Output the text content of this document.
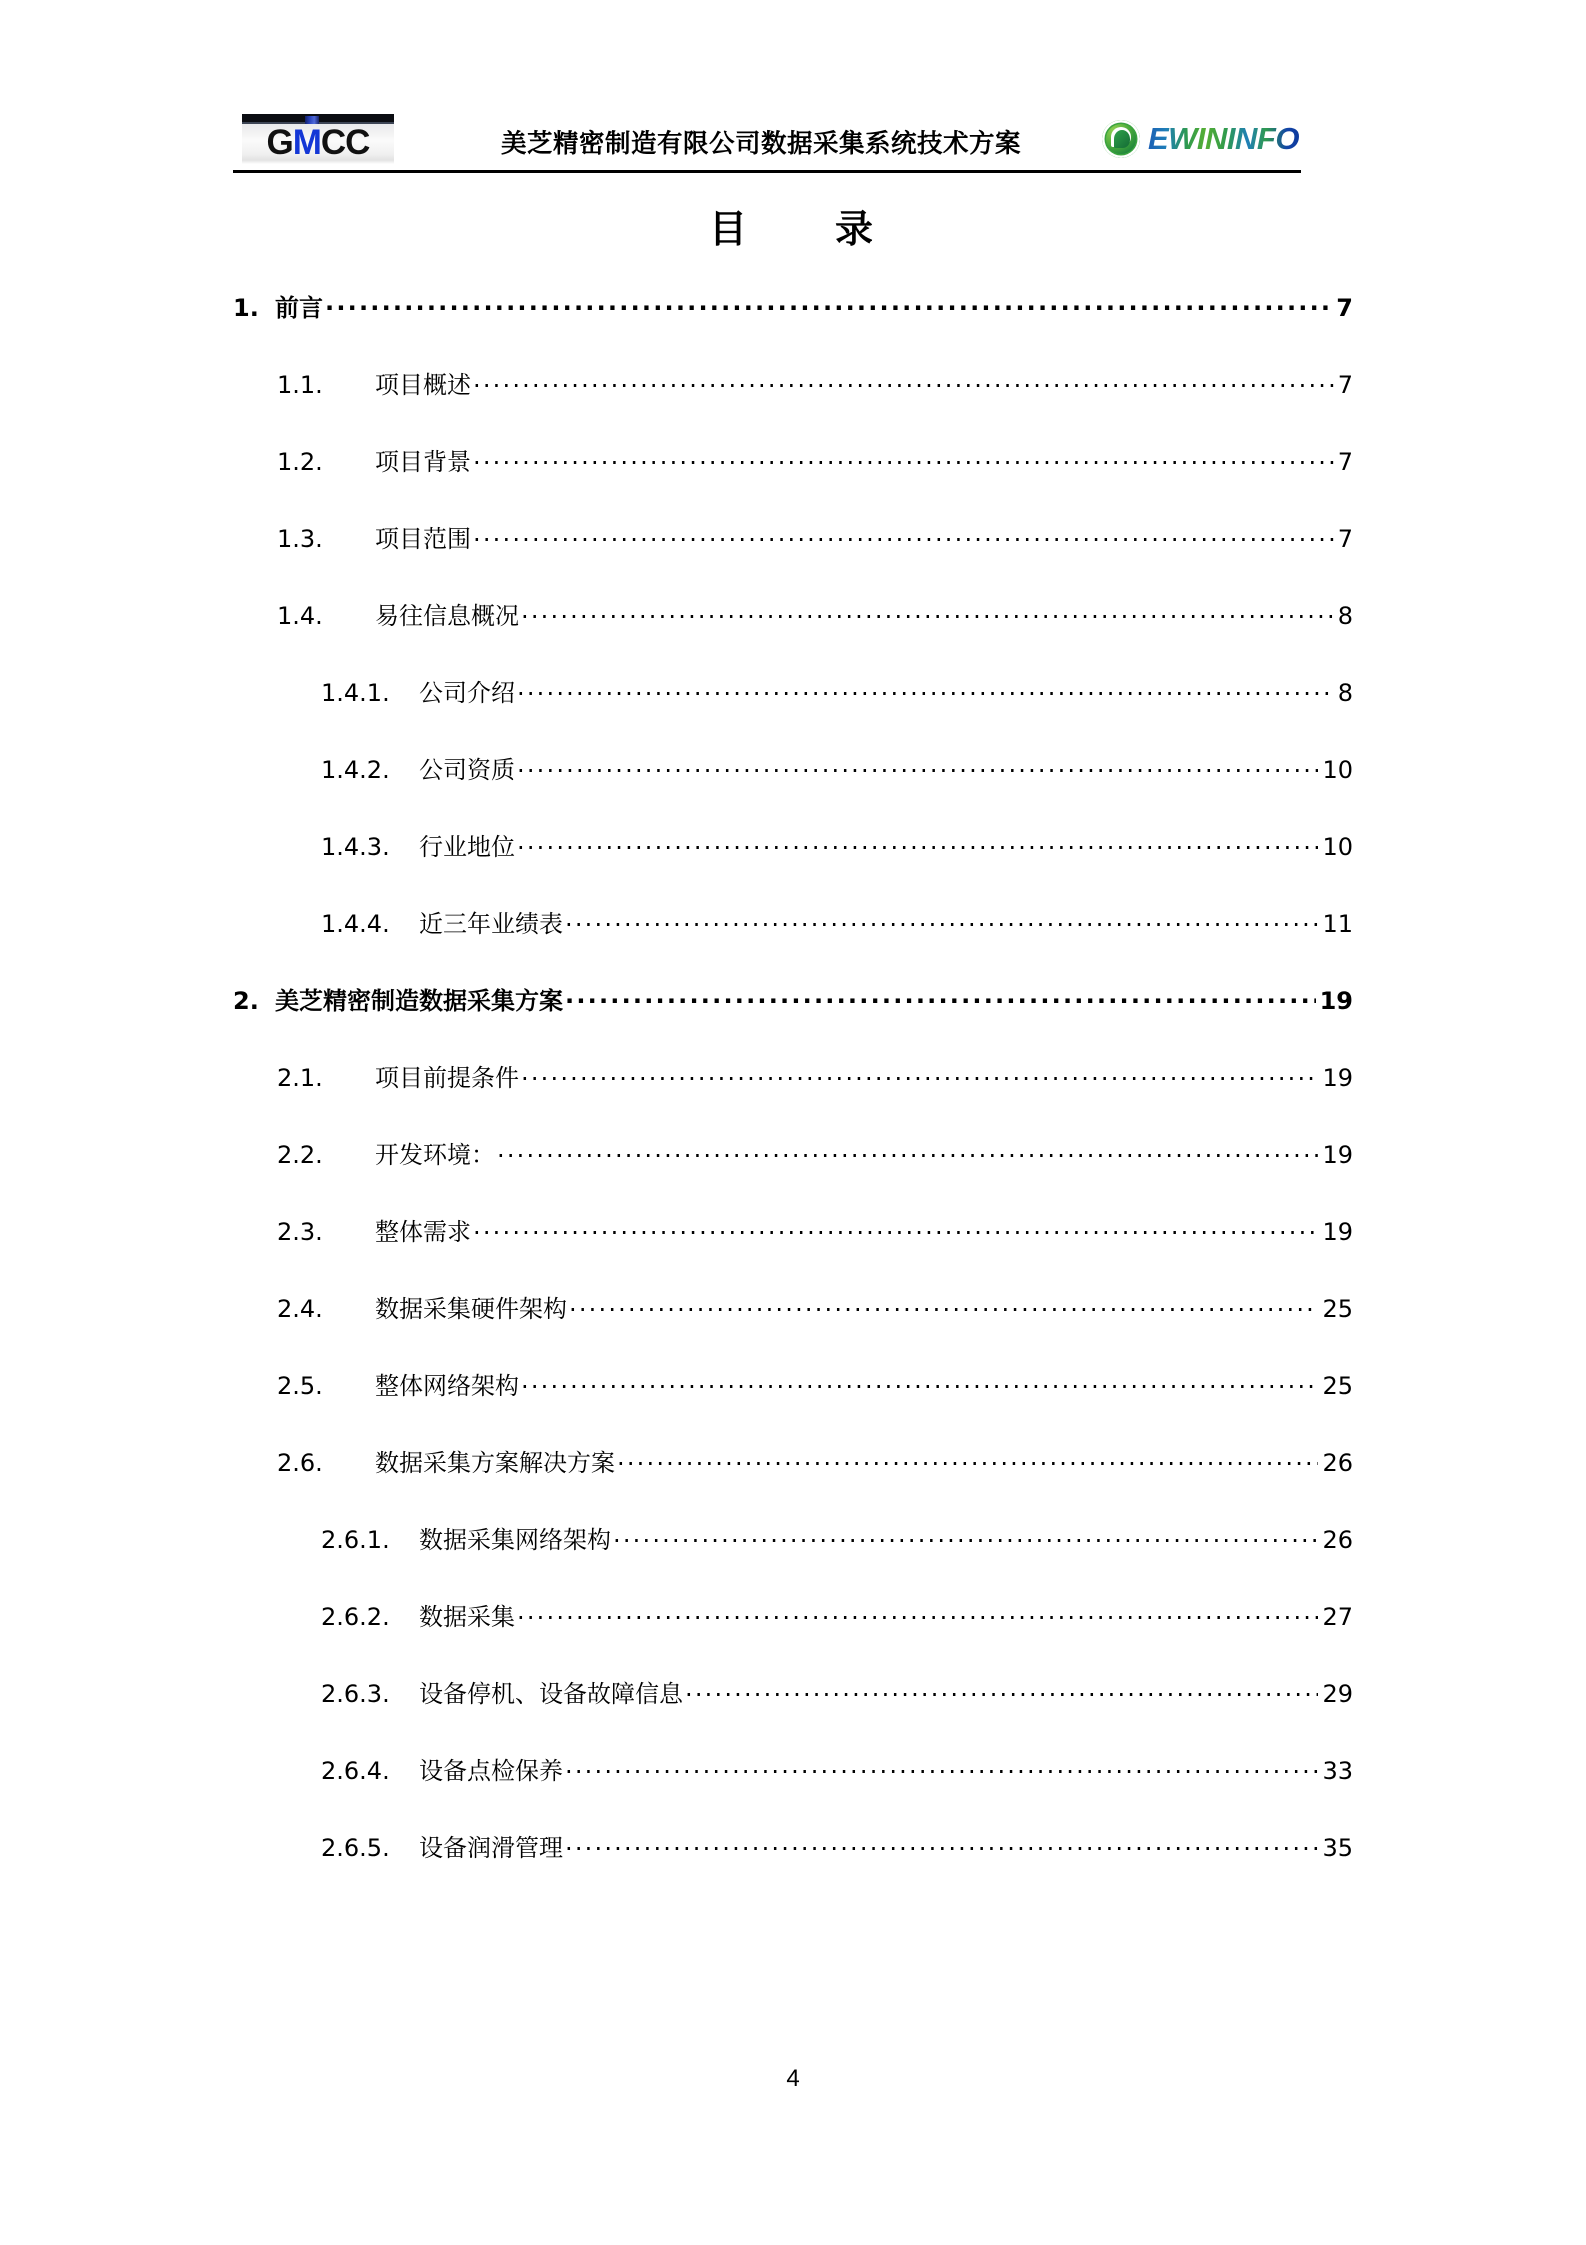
GMCC	美芝精密制造有限公司数据采集系统技术方案	EWININFO
目　　录
1. 前言 .....	7
1.1.	项目概述 .....	7
1.2.	项目背景 .....	7
1.3.	项目范围 .....	7
1.4.	易往信息概况 .....	8
1.4.1.	公司介绍 .....	8
1.4.2.	公司资质 .....	10
1.4.3.	行业地位 .....	10
1.4.4.	近三年业绩表 .....	11
2. 美芝精密制造数据采集方案 .....	19
2.1.	项目前提条件 .....	19
2.2.	开发环境： .....	19
2.3.	整体需求 .....	19
2.4.	数据采集硬件架构 .....	25
2.5.	整体网络架构 .....	25
2.6.	数据采集方案解决方案 .....	26
2.6.1.	数据采集网络架构 .....	26
2.6.2.	数据采集 .....	27
2.6.3.	设备停机、设备故障信息 .....	29
2.6.4.	设备点检保养 .....	33
2.6.5.	设备润滑管理 .....	35
4
